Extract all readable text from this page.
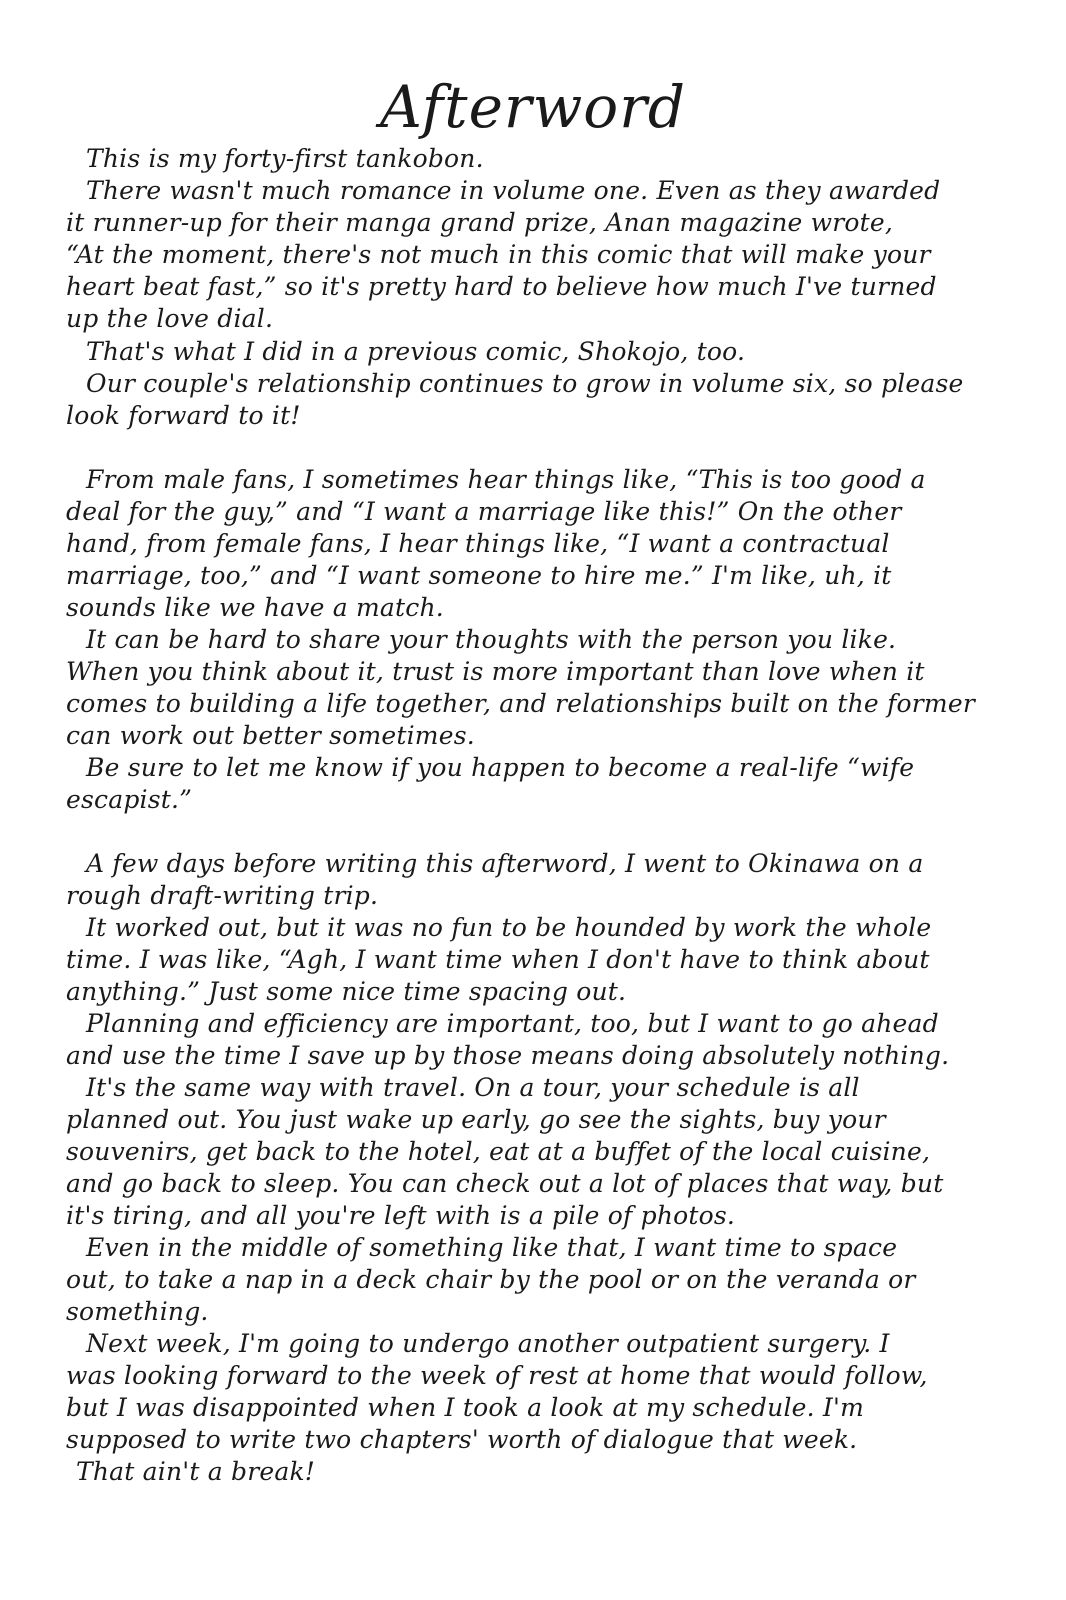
Afterword
This is my forty-first tankobon.
There wasn't much romance in volume one. Even as they awarded
it runner-up for their manga grand prize, Anan magazine wrote,
“At the moment, there's not much in this comic that will make your
heart beat fast,” so it's pretty hard to believe how much I've turned
up the love dial.
That's what I did in a previous comic, Shokojo, too.
Our couple's relationship continues to grow in volume six, so please
look forward to it!
From male fans, I sometimes hear things like, “This is too good a
deal for the guy,” and “I want a marriage like this!” On the other
hand, from female fans, I hear things like, “I want a contractual
marriage, too,” and “I want someone to hire me.” I'm like, uh, it
sounds like we have a match.
It can be hard to share your thoughts with the person you like.
When you think about it, trust is more important than love when it
comes to building a life together, and relationships built on the former
can work out better sometimes.
Be sure to let me know if you happen to become a real-life “wife
escapist.”
A few days before writing this afterword, I went to Okinawa on a
rough draft-writing trip.
It worked out, but it was no fun to be hounded by work the whole
time. I was like, “Agh, I want time when I don't have to think about
anything.” Just some nice time spacing out.
Planning and efficiency are important, too, but I want to go ahead
and use the time I save up by those means doing absolutely nothing.
It's the same way with travel. On a tour, your schedule is all
planned out. You just wake up early, go see the sights, buy your
souvenirs, get back to the hotel, eat at a buffet of the local cuisine,
and go back to sleep. You can check out a lot of places that way, but
it's tiring, and all you're left with is a pile of photos.
Even in the middle of something like that, I want time to space
out, to take a nap in a deck chair by the pool or on the veranda or
something.
Next week, I'm going to undergo another outpatient surgery. I
was looking forward to the week of rest at home that would follow,
but I was disappointed when I took a look at my schedule. I'm
supposed to write two chapters' worth of dialogue that week.
That ain't a break!
